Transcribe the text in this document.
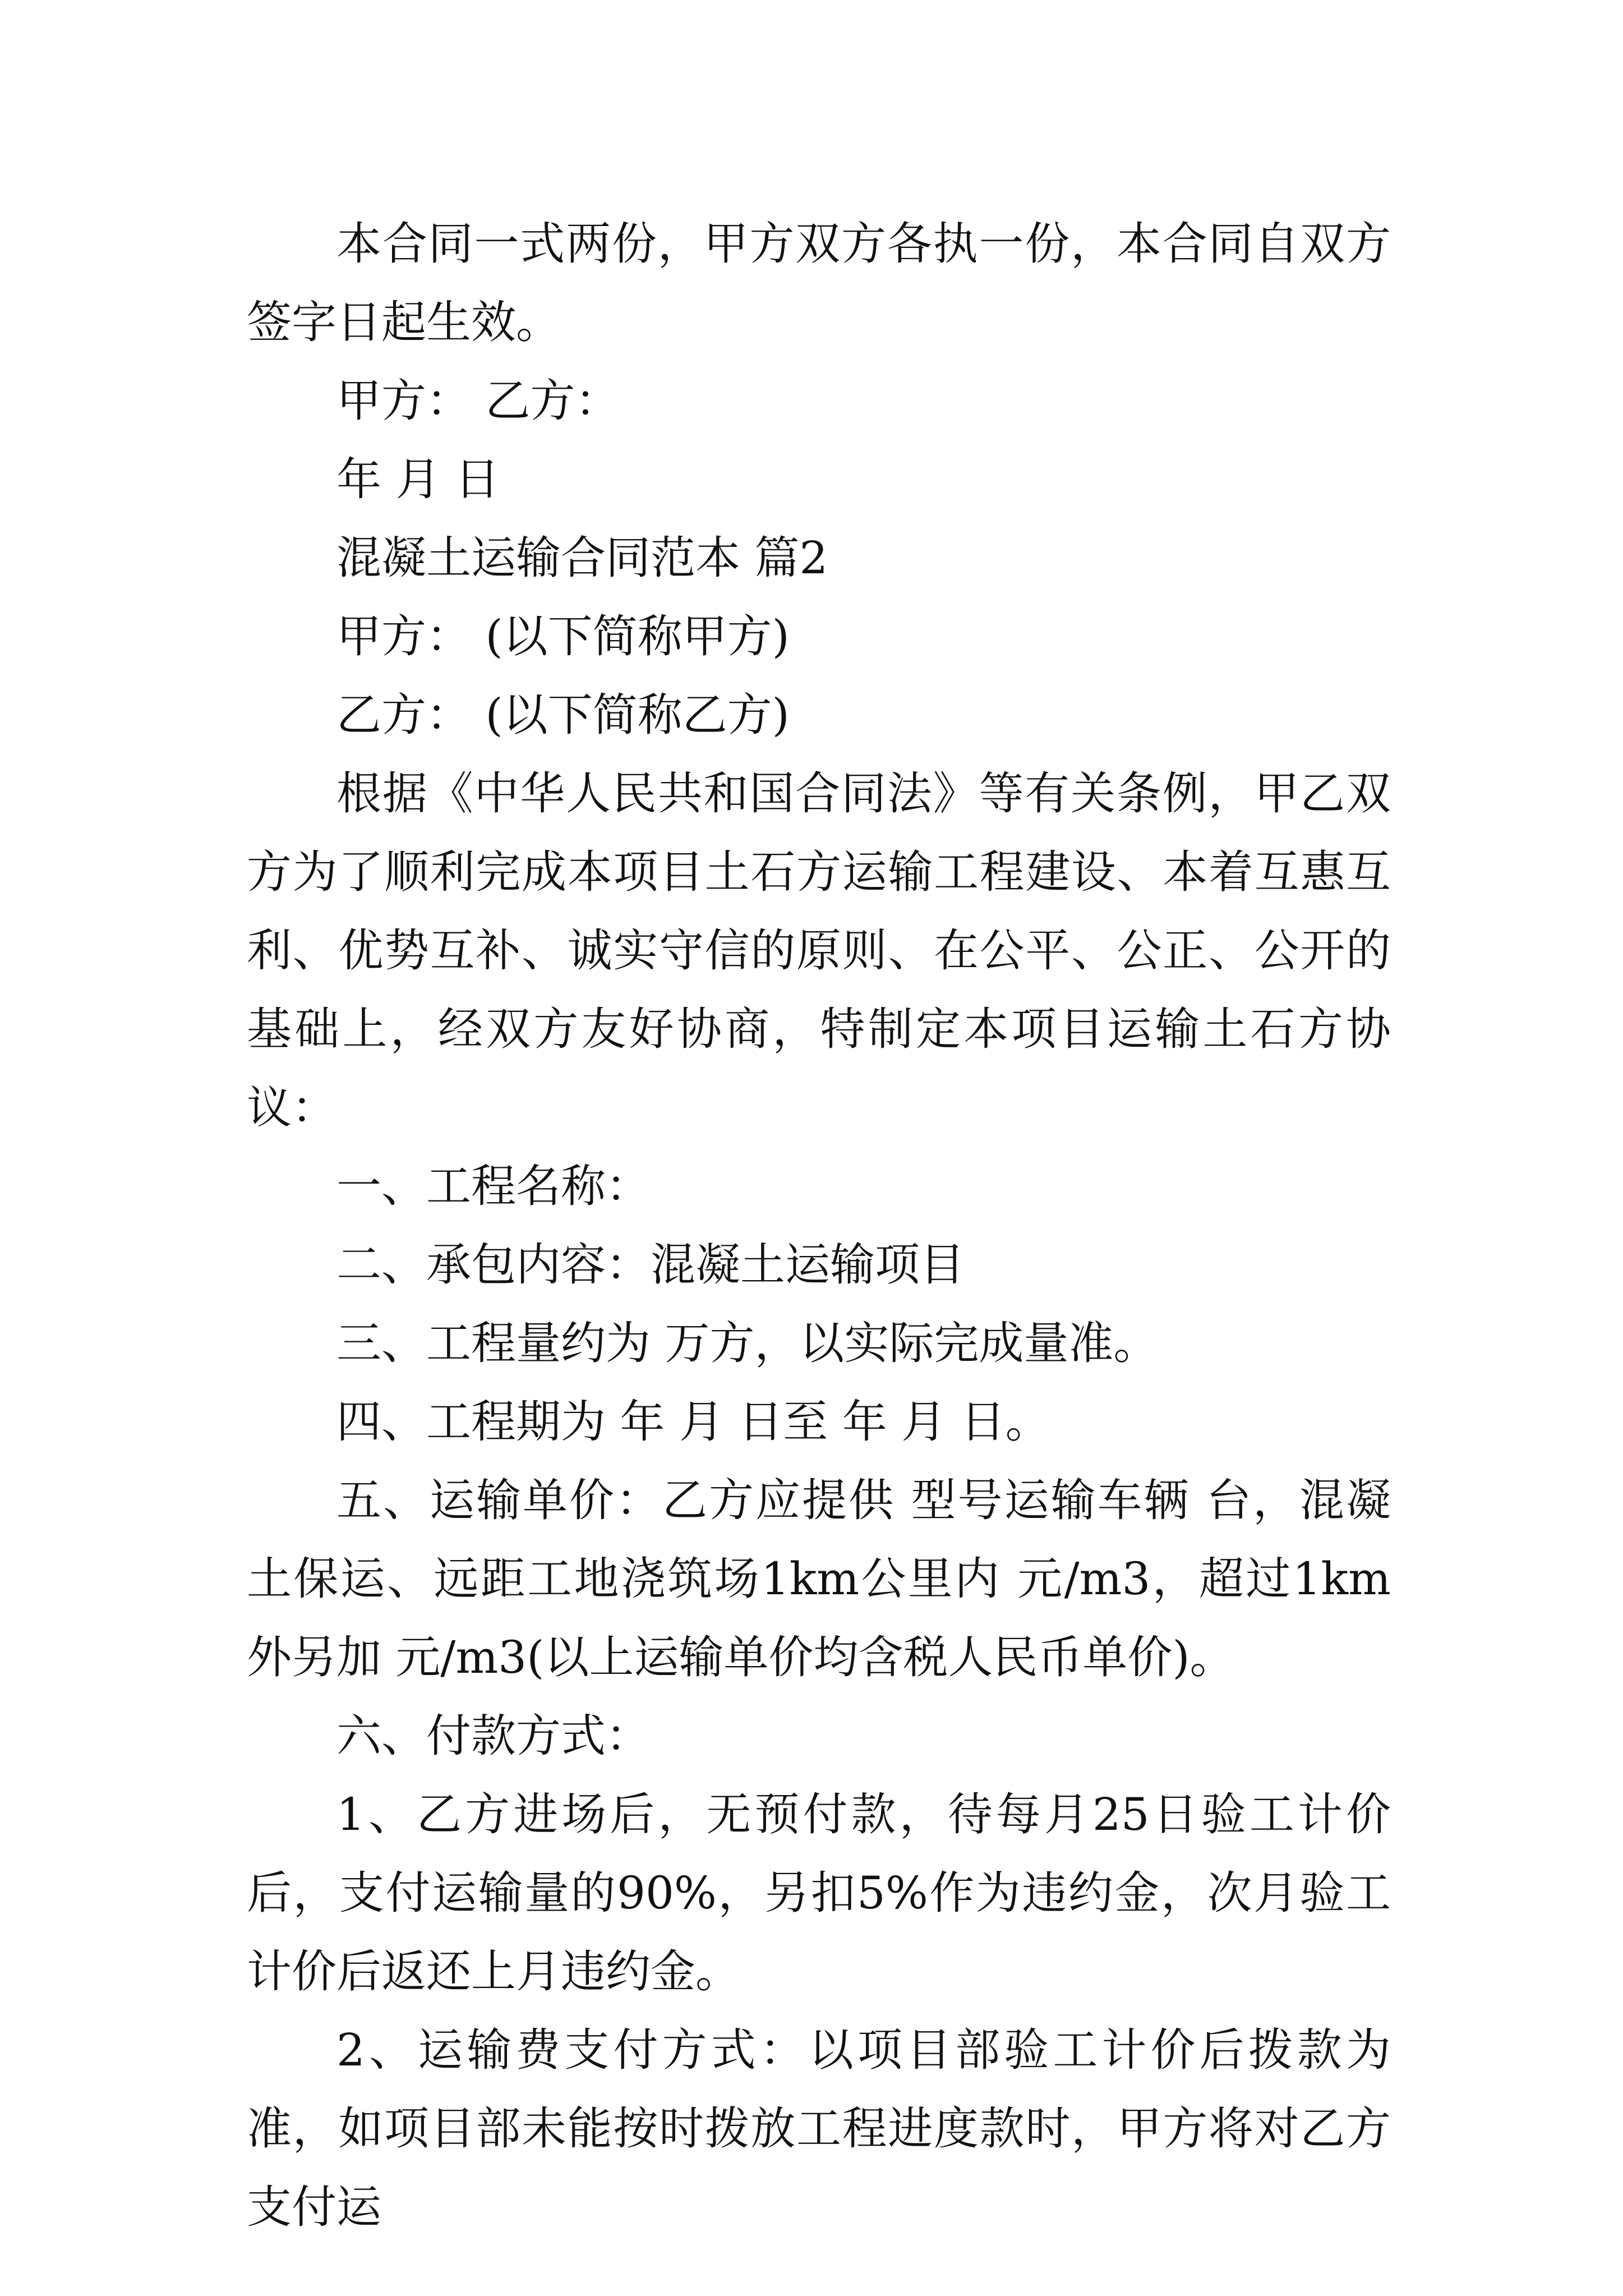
本合同一式两份，甲方双方各执一份，本合同自双方签字日起生效。

甲方： 乙方：

年 月 日

混凝土运输合同范本 篇2

甲方： (以下简称甲方)

乙方： (以下简称乙方)

根据《中华人民共和国合同法》等有关条例，甲乙双方为了顺利完成本项目土石方运输工程建设、本着互惠互利、优势互补、诚实守信的原则、在公平、公正、公开的基础上，经双方友好协商，特制定本项目运输土石方协议：

一、工程名称：

二、承包内容：混凝土运输项目

三、工程量约为 万方，以实际完成量准。

四、工程期为 年 月 日至 年 月 日。

五、运输单价：乙方应提供 型号运输车辆 台，混凝土保运、远距工地浇筑场1km公里内 元/m3，超过1km外另加 元/m3(以上运输单价均含税人民币单价)。

六、付款方式：

1、乙方进场后，无预付款，待每月25日验工计价后，支付运输量的90%，另扣5%作为违约金，次月验工计价后返还上月违约金。

2、运输费支付方式：以项目部验工计价后拨款为准，如项目部未能按时拨放工程进度款时，甲方将对乙方支付运
